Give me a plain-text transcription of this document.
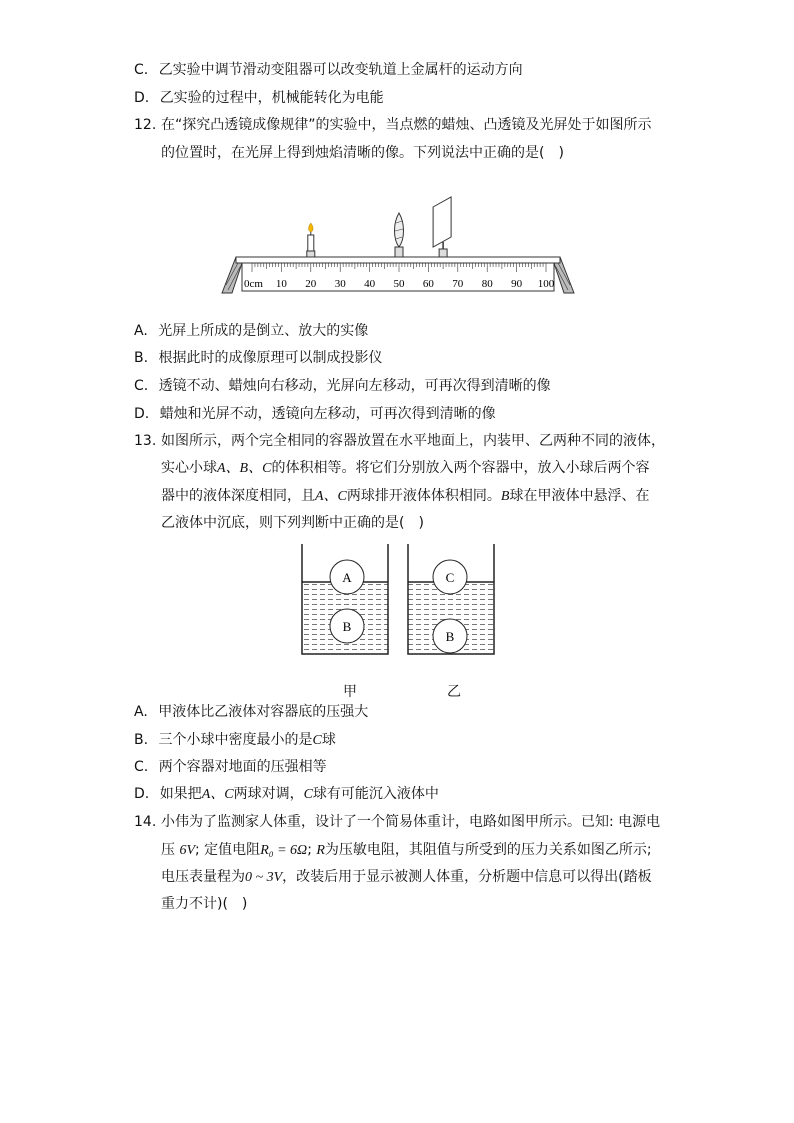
C. 乙实验中调节滑动变阻器可以改变轨道上金属杆的运动方向
D. 乙实验的过程中，机械能转化为电能
12. 在“探究凸透镜成像规律”的实验中，当点燃的蜡烛、凸透镜及光屏处于如图所示
的位置时，在光屏上得到烛焰清晰的像。下列说法中正确的是(　)
0cm 10 20 30 40 50 60 70 80 90 100
A. 光屏上所成的是倒立、放大的实像
B. 根据此时的成像原理可以制成投影仪
C. 透镜不动、蜡烛向右移动，光屏向左移动，可再次得到清晰的像
D. 蜡烛和光屏不动，透镜向左移动，可再次得到清晰的像
13. 如图所示，两个完全相同的容器放置在水平地面上，内装甲、乙两种不同的液体，
实心小球A、B、C的体积相等。将它们分别放入两个容器中，放入小球后两个容
器中的液体深度相同，且A、C两球排开液体体积相同。B球在甲液体中悬浮、在
乙液体中沉底，则下列判断中正确的是(　)
A
B
C
B
甲	乙
A. 甲液体比乙液体对容器底的压强大
B. 三个小球中密度最小的是C球
C. 两个容器对地面的压强相等
D. 如果把A、C两球对调，C球有可能沉入液体中
14. 小伟为了监测家人体重，设计了一个简易体重计，电路如图甲所示。已知: 电源电
压 6V; 定值电阻R₀ = 6Ω; R为压敏电阻，其阻值与所受到的压力关系如图乙所示;
电压表量程为0 ~ 3V，改装后用于显示被测人体重，分析题中信息可以得出(踏板
重力不计)(　)
